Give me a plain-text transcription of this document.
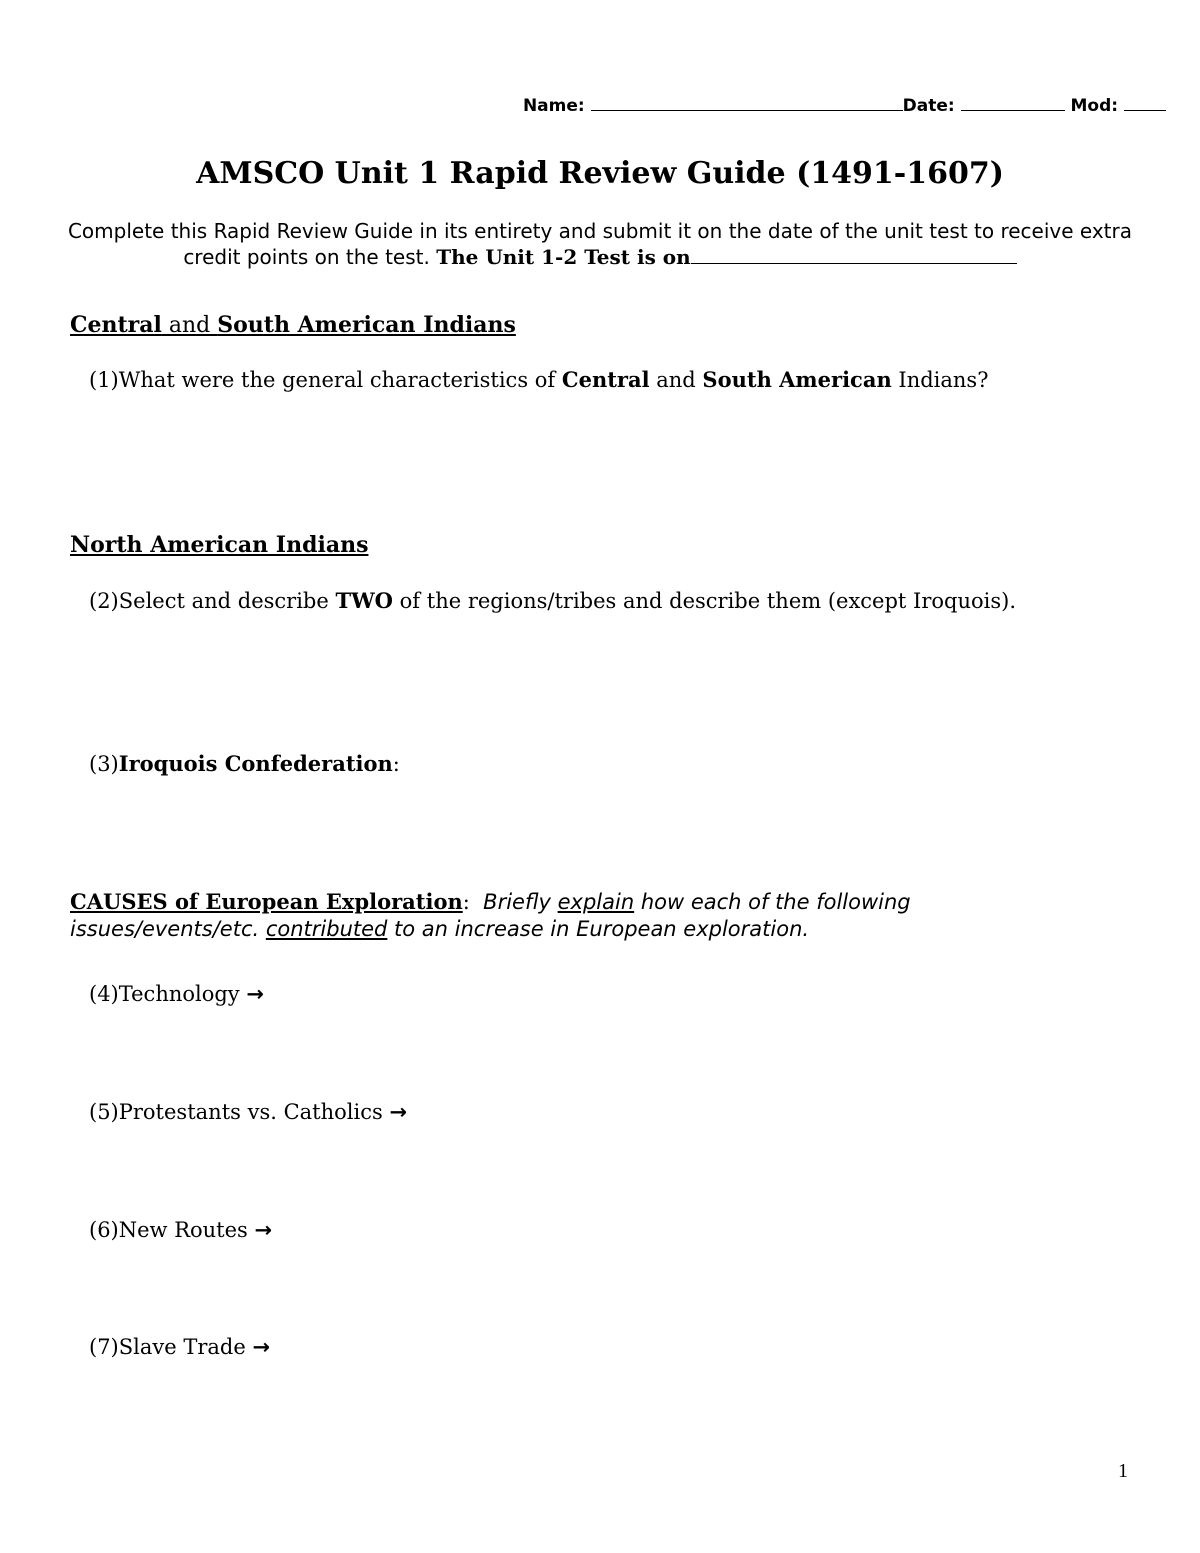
Name:	Date:	Mod:
AMSCO Unit 1 Rapid Review Guide (1491-1607)
Complete this Rapid Review Guide in its entirety and submit it on the date of the unit test to receive extra credit points on the test. The Unit 1-2 Test is on
Central and South American Indians
(1)What were the general characteristics of Central and South American Indians?
North American Indians
(2)Select and describe TWO of the regions/tribes and describe them (except Iroquois).
(3)Iroquois Confederation:
CAUSES of European Exploration: Briefly explain how each of the following issues/events/etc. contributed to an increase in European exploration.
(4)Technology →
(5)Protestants vs. Catholics →
(6)New Routes →
(7)Slave Trade →
1
